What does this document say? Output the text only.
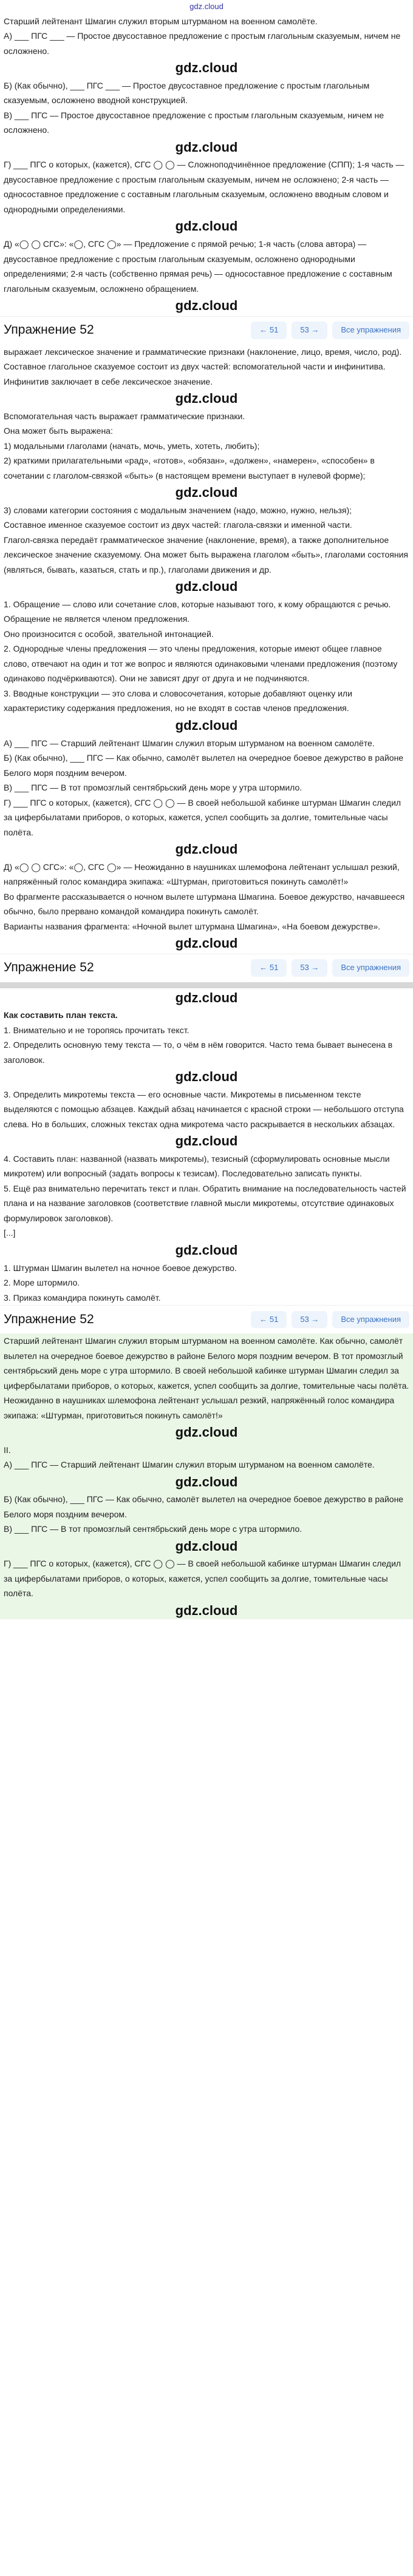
gdz.cloud

Старший лейтенант Шмагин служил вторым штурманом на военном самолёте.

А) ___ ПГС ___ — Простое двусоставное предложение с простым глагольным сказуемым, ничем не осложнено.

gdz.cloud

Б) (Как обычно), ___ ПГС ___ — Простое двусоставное предложение с простым глагольным сказуемым, осложнено вводной конструкцией.

В) ___ ПГС — Простое двусоставное предложение с простым глагольным сказуемым, ничем не осложнено.

gdz.cloud

Г) ___ ПГС о которых, (кажется), СГС ◯ ◯ — Сложноподчинённое предложение (СПП); 1-я часть — двусоставное предложение с простым глагольным сказуемым, ничем не осложнено; 2-я часть — односоставное предложение с составным глагольным сказуемым, осложнено вводным словом и однородными определениями.

gdz.cloud

Д) «◯ ◯ СГС»: «◯, СГС ◯» — Предложение с прямой речью; 1-я часть (слова автора) — двусоставное предложение с простым глагольным сказуемым, осложнено однородными определениями; 2-я часть (собственно прямая речь) — односоставное предложение с составным глагольным сказуемым, осложнено обращением.

gdz.cloud
Упражнение 52	← 51	53 →	Все упражнения

выражает лексическое значение и грамматические признаки (наклонение, лицо, время, число, род).

Составное глагольное сказуемое состоит из двух частей: вспомогательной части и инфинитива.

Инфинитив заключает в себе лексическое значение.

gdz.cloud

Вспомогательная часть выражает грамматические признаки.

Она может быть выражена:

1) модальными глаголами (начать, мочь, уметь, хотеть, любить);

2) краткими прилагательными «рад», «готов», «обязан», «должен», «намерен», «способен» в сочетании с глаголом-связкой «быть» (в настоящем времени выступает в нулевой форме);

gdz.cloud

3) словами категории состояния с модальным значением (надо, можно, нужно, нельзя);

Составное именное сказуемое состоит из двух частей: глагола-связки и именной части.

Глагол-связка передаёт грамматическое значение (наклонение, время), а также дополнительное лексическое значение сказуемому. Она может быть выражена глаголом «быть», глаголами состояния (являться, бывать, казаться, стать и пр.), глаголами движения и др.

gdz.cloud

1. Обращение — слово или сочетание слов, которые называют того, к кому обращаются с речью. Обращение не является членом предложения.

Оно произносится с особой, звательной интонацией.

2. Однородные члены предложения — это члены предложения, которые имеют общее главное слово, отвечают на один и тот же вопрос и являются одинаковыми членами предложения (поэтому одинаково подчёркиваются). Они не зависят друг от друга и не подчиняются.

3. Вводные конструкции — это слова и словосочетания, которые добавляют оценку или характеристику содержания предложения, но не входят в состав членов предложения.

gdz.cloud

А) ___ ПГС — Старший лейтенант Шмагин служил вторым штурманом на военном самолёте.

Б) (Как обычно), ___ ПГС — Как обычно, самолёт вылетел на очередное боевое дежурство в районе Белого моря поздним вечером.

В) ___ ПГС — В тот промозглый сентябрьский день море у утра штормило.

Г) ___ ПГС о которых, (кажется), СГС ◯ ◯ — В своей небольшой кабинке штурман Шмагин следил за цифербылатами приборов, о которых, кажется, успел сообщить за долгие, томительные часы полёта.

gdz.cloud

Д) «◯ ◯ СГС»: «◯, СГС ◯» — Неожиданно в наушниках шлемофона лейтенант услышал резкий, напряжённый голос командира экипажа: «Штурман, приготовиться покинуть самолёт!»

Во фрагменте рассказывается о ночном вылете штурмана Шмагина. Боевое дежурство, начавшееся обычно, было прервано командой командира покинуть самолёт.

Варианты названия фрагмента: «Ночной вылет штурмана Шмагина», «На боевом дежурстве».

gdz.cloud
Упражнение 52	← 51	53 →	Все упражнения
gdz.cloud

Как составить план текста.

1. Внимательно и не торопясь прочитать текст.

2. Определить основную тему текста — то, о чём в нём говорится. Часто тема бывает вынесена в заголовок.

gdz.cloud

3. Определить микротемы текста — его основные части. Микротемы в письменном тексте выделяются с помощью абзацев. Каждый абзац начинается с красной строки — небольшого отступа слева. Но в больших, сложных текстах одна микротема часто раскрывается в нескольких абзацах.

gdz.cloud

4. Составить план: названной (назвать микротемы), тезисный (сформулировать основные мысли микротем) или вопросный (задать вопросы к тезисам). Последовательно записать пункты.

5. Ещё раз внимательно перечитать текст и план. Обратить внимание на последовательность частей плана и на название заголовков (соответствие главной мысли микротемы, отсутствие одинаковых формулировок заголовков).

[...]

gdz.cloud

1. Штурман Шмагин вылетел на ночное боевое дежурство.

2. Море штормило.

3. Приказ командира покинуть самолёт.

Упражнение 52	← 51	53 →	Все упражнения

Старший лейтенант Шмагин служил вторым штурманом на военном самолёте. Как обычно, самолёт вылетел на очередное боевое дежурство в районе Белого моря поздним вечером. В тот промозглый сентябрьский день море с утра штормило. В своей небольшой кабинке штурман Шмагин следил за цифербылатами приборов, о которых, кажется, успел сообщить за долгие, томительные часы полёта. Неожиданно в наушниках шлемофона лейтенант услышал резкий, напряжённый голос командира экипажа: «Штурман, приготовиться покинуть самолёт!»

gdz.cloud

II.

А) ___ ПГС — Старший лейтенант Шмагин служил вторым штурманом на военном самолёте.

gdz.cloud

Б) (Как обычно), ___ ПГС — Как обычно, самолёт вылетел на очередное боевое дежурство в районе Белого моря поздним вечером.

В) ___ ПГС — В тот промозглый сентябрьский день море с утра штормило.

gdz.cloud

Г) ___ ПГС о которых, (кажется), СГС ◯ ◯ — В своей небольшой кабинке штурман Шмагин следил за цифербылатами приборов, о которых, кажется, успел сообщить за долгие, томительные часы полёта.

gdz.cloud
